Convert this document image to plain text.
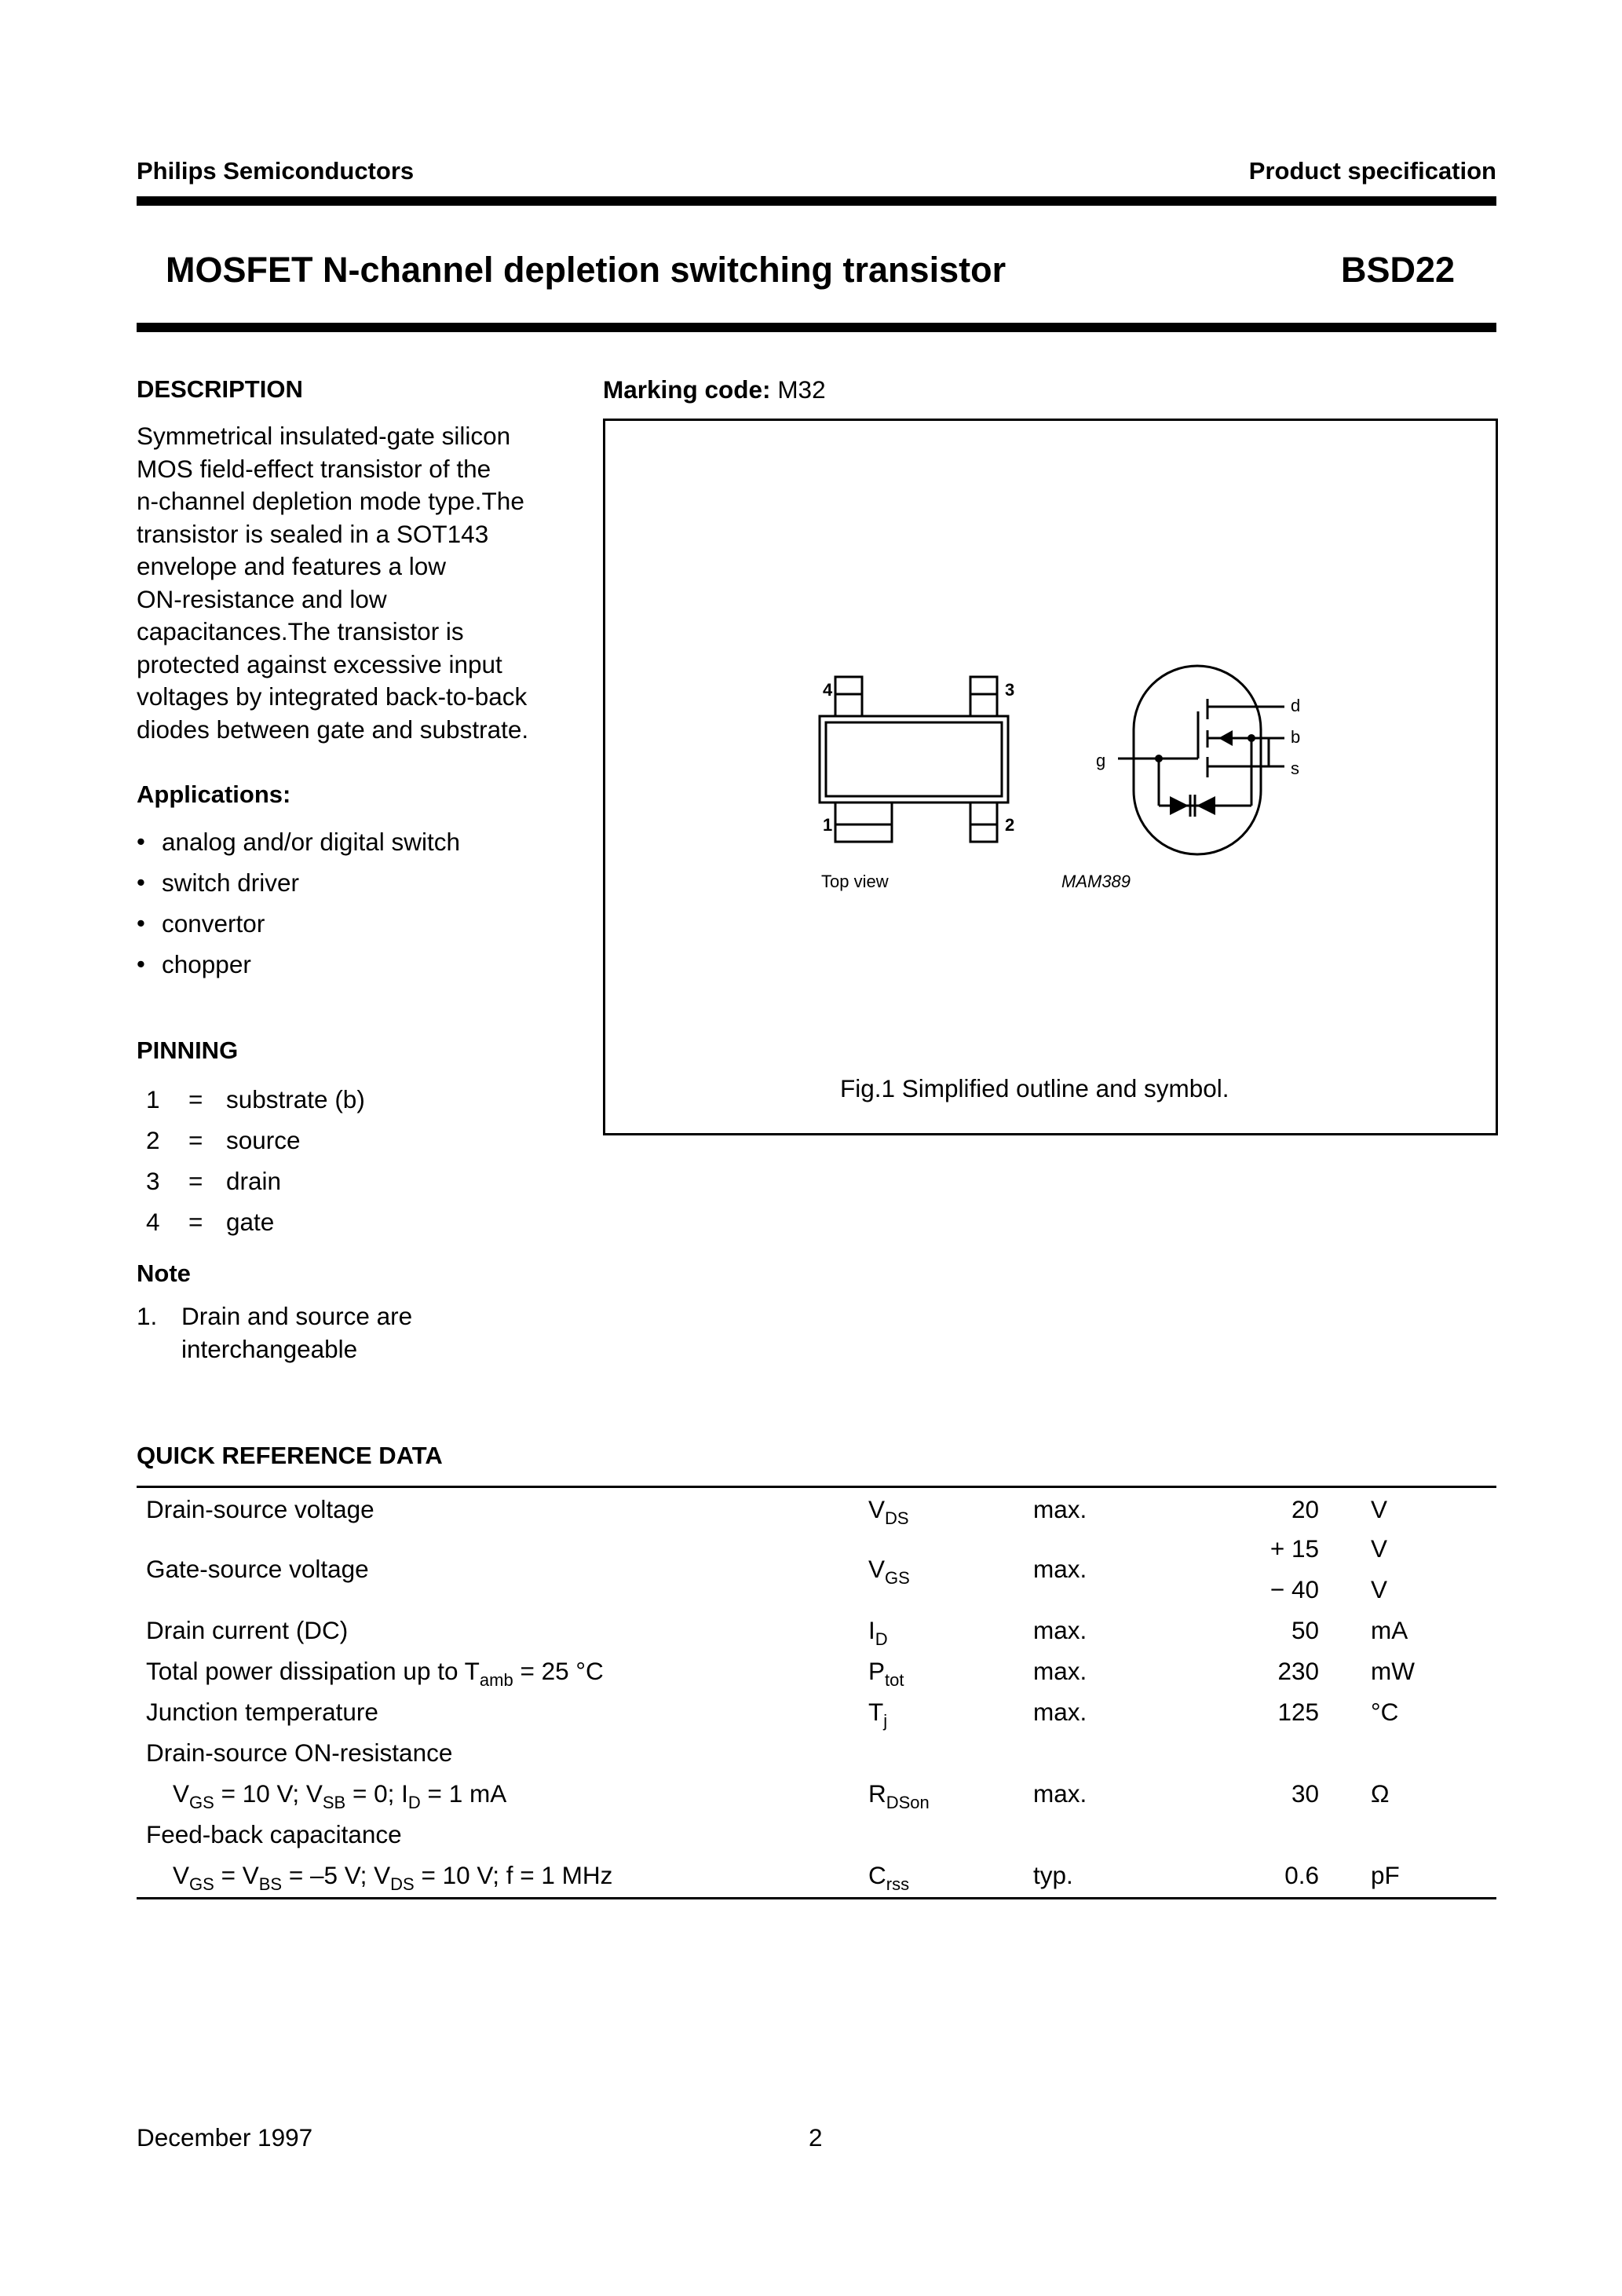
Philips Semiconductors	Product specification
MOSFET N-channel depletion switching transistor	BSD22
DESCRIPTION
Symmetrical insulated-gate silicon
MOS field-effect transistor of the
n-channel depletion mode type.The
transistor is sealed in a SOT143
envelope and features a low
ON-resistance and low
capacitances.The transistor is
protected against excessive input
voltages by integrated back-to-back
diodes between gate and substrate.
Applications:
• analog and/or digital switch
• switch driver
• convertor
• chopper
PINNING
1 = substrate (b)
2 = source
3 = drain
4 = gate
Note
1. Drain and source are
interchangeable
Marking code: M32
4	3
1	2
Top view	MAM389
d
b
s
g
Fig.1 Simplified outline and symbol.
QUICK REFERENCE DATA
Drain-source voltage	$V_{DS}$	max.	20 V
Gate-source voltage	$V_{GS}$	max.
+ 15 V
− 40 V
Drain current (DC)	$I_D$	max.	50 mA
Total power dissipation up to $T_{amb} = 25$ °C	$P_{tot}$	max.	230 mW
Junction temperature	$T_j$	max.	125 °C
Drain-source ON-resistance
$V_{GS} = 10$ V; $V_{SB} = 0$; $I_D = 1$ mA	$R_{DSon}$	max.	30 Ω
Feed-back capacitance
$V_{GS} = V_{BS} = -5$ V; $V_{DS} = 10$ V; f = 1 MHz	$C_{rss}$	typ.	0.6 pF
December 1997	2
